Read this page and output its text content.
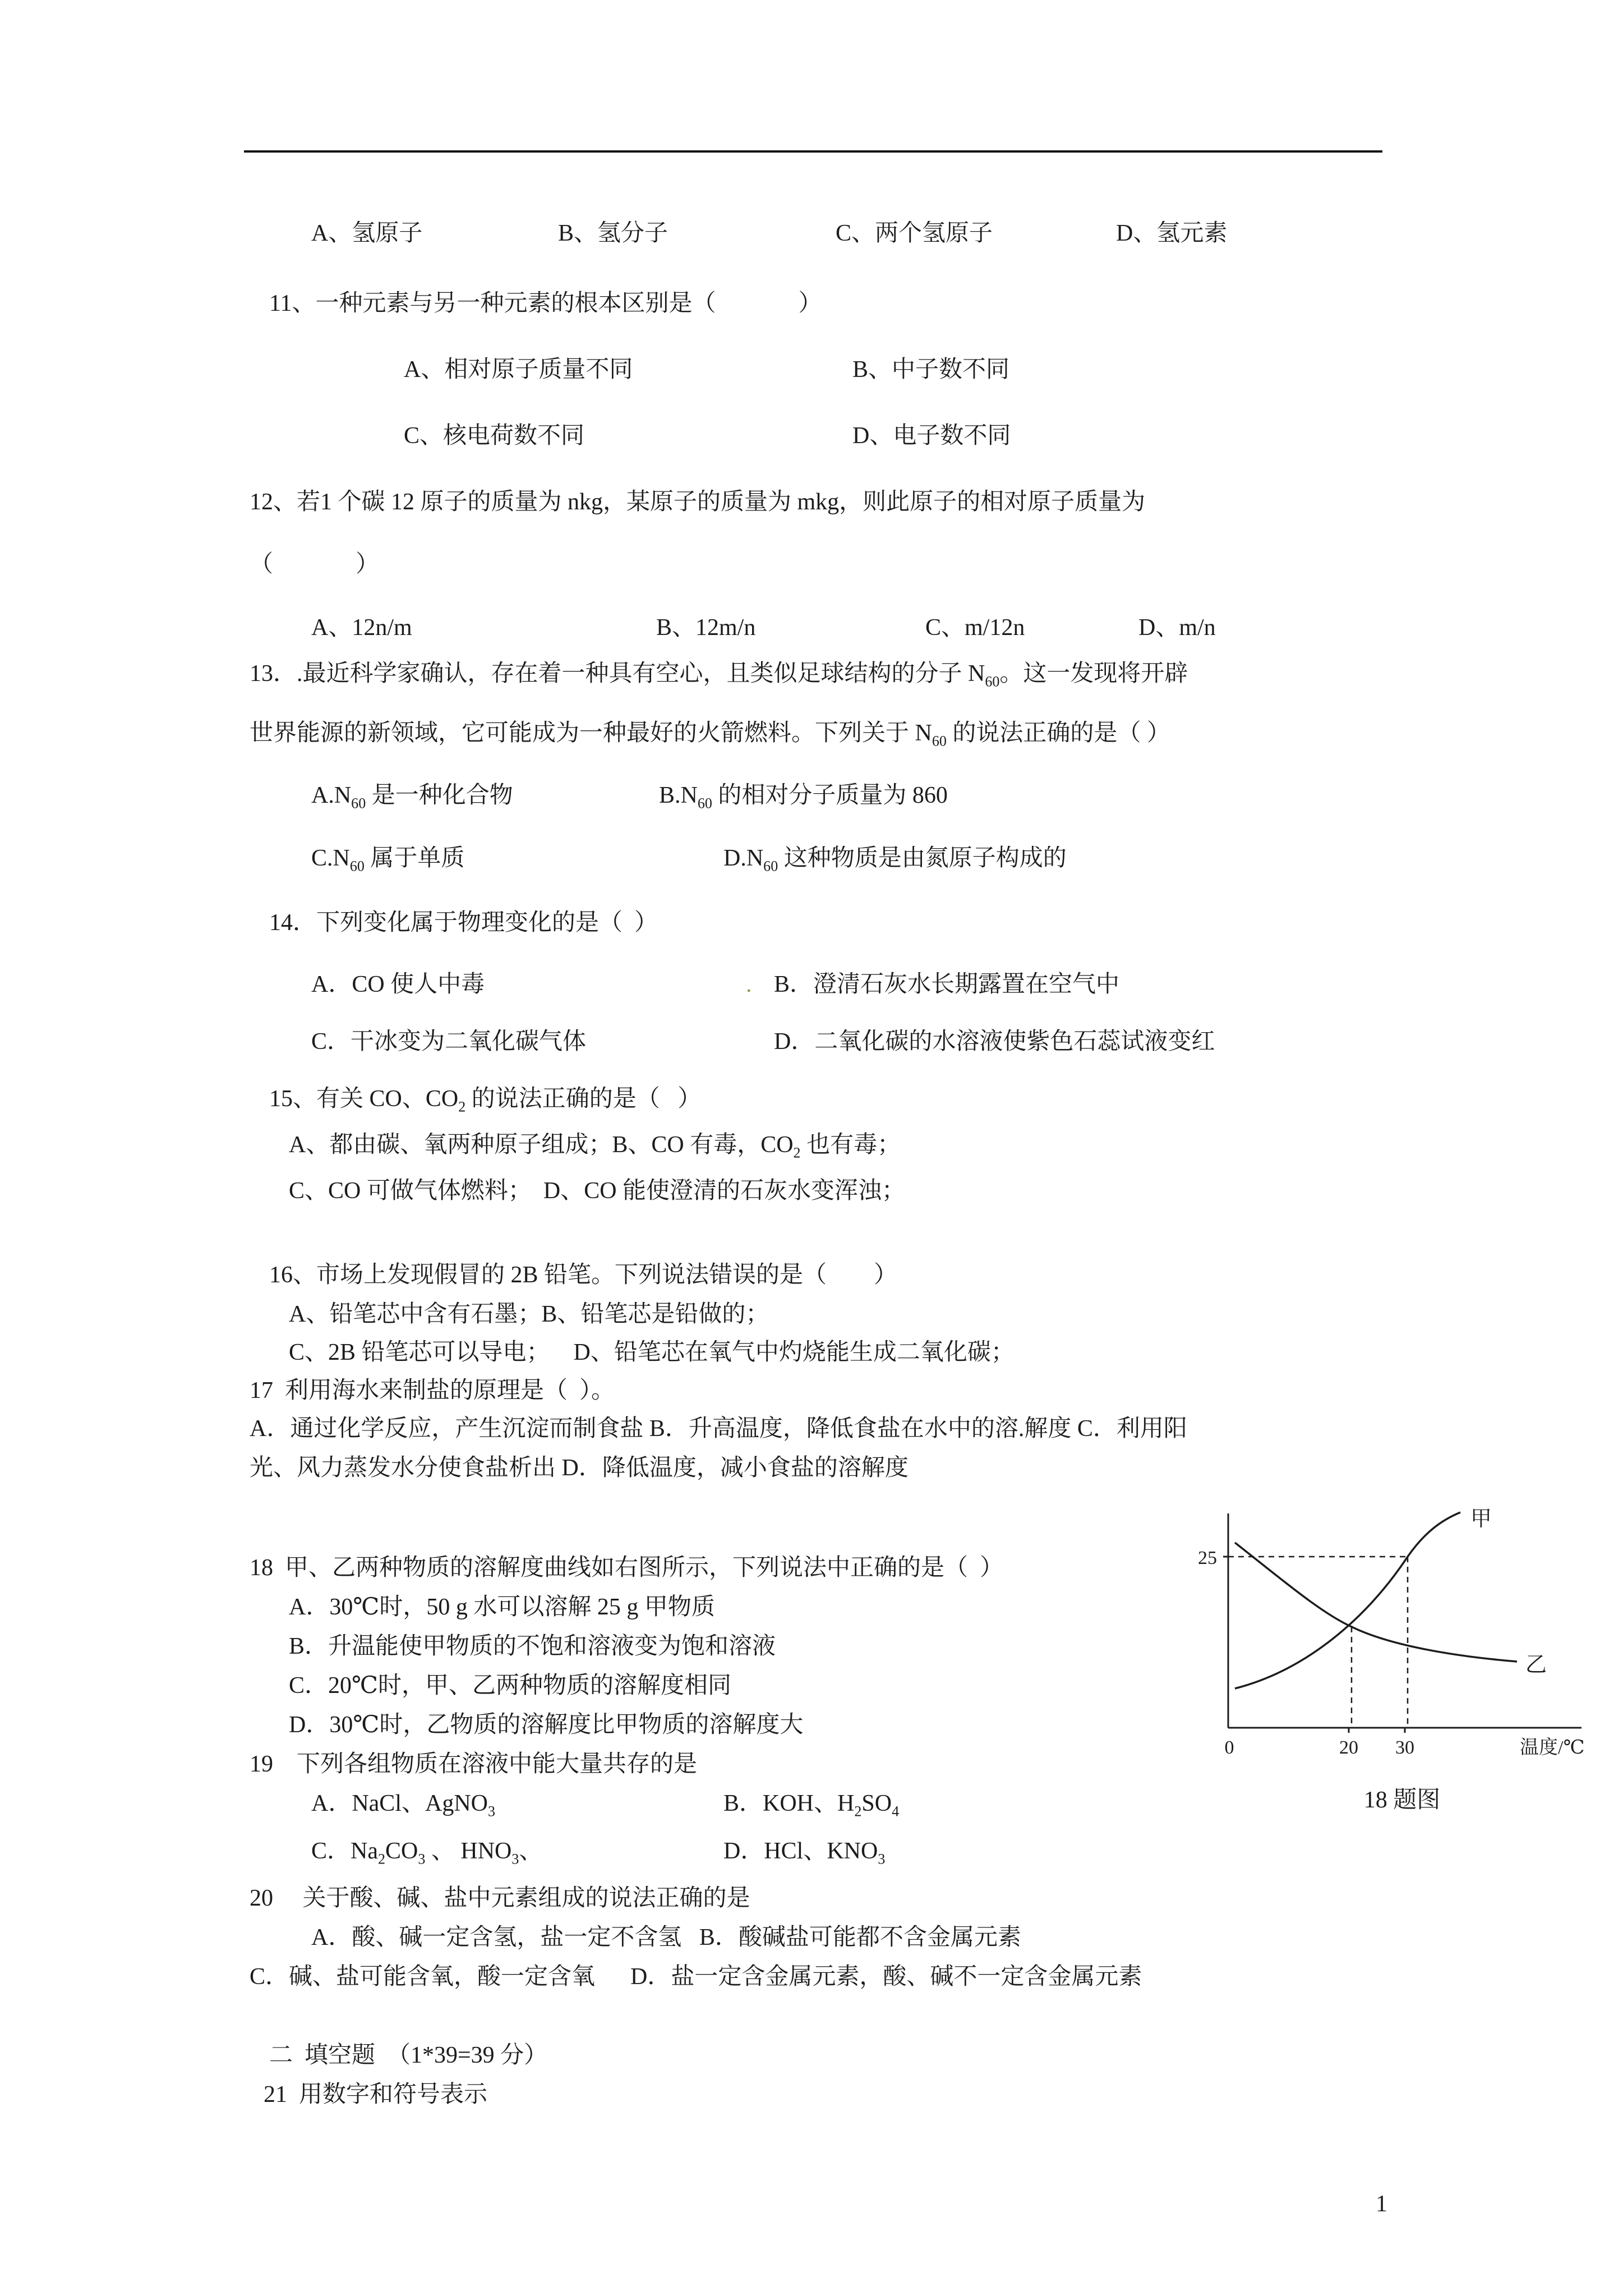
A、氢原子	B、氢分子	C、两个氢原子	D、氢元素
11、一种元素与另一种元素的根本区别是（              ）
A、相对原子质量不同	B、中子数不同
C、核电荷数不同	D、电子数不同
12、若1 个碳 12 原子的质量为 nkg，某原子的质量为 mkg，则此原子的相对原子质量为
（              ）
A、12n/m	B、12m/n	C、m/12n	D、m/n
13．.最近科学家确认，存在着一种具有空心，且类似足球结构的分子 $N_{60}$。这一发现将开辟
世界能源的新领域，它可能成为一种最好的火箭燃料。下列关于 $N_{60}$ 的说法正确的是（ ）
$A.N_{60}$ 是一种化合物	$B.N_{60}$ 的相对分子质量为 860
$C.N_{60}$ 属于单质	$D.N_{60}$ 这种物质是由氮原子构成的
14．下列变化属于物理变化的是（  ）
A．CO 使人中毒	. B．澄清石灰水长期露置在空气中
C．干冰变为二氧化碳气体	D．二氧化碳的水溶液使紫色石蕊试液变红
15、有关 CO、$CO_2$ 的说法正确的是（   ）
A、都由碳、氧两种原子组成；B、CO 有毒，$CO_2$ 也有毒；
C、CO 可做气体燃料；  D、CO 能使澄清的石灰水变浑浊；
16、市场上发现假冒的 2B 铅笔。下列说法错误的是（        ）
A、铅笔芯中含有石墨；B、铅笔芯是铅做的；
C、2B 铅笔芯可以导电；    D、铅笔芯在氧气中灼烧能生成二氧化碳；
17  利用海水来制盐的原理是（  ）。
A．通过化学反应，产生沉淀而制食盐 B．升高温度，降低食盐在水中的溶.解度 C．利用阳
光、风力蒸发水分使食盐析出 D．降低温度，减小食盐的溶解度
18  甲、乙两种物质的溶解度曲线如右图所示，下列说法中正确的是（  ）
A．30℃时，50 g 水可以溶解 25 g 甲物质
B．升温能使甲物质的不饱和溶液变为饱和溶液
C．20℃时，甲、乙两种物质的溶解度相同
D．30℃时，乙物质的溶解度比甲物质的溶解度大
19    下列各组物质在溶液中能大量共存的是
A．NaCl、AgNO$_3$	B．KOH、$H_2SO_4$
C．$Na_2CO_3$ 、 $HNO_3$、	D．HCl、$KNO_3$
20     关于酸、碱、盐中元素组成的说法正确的是
A．酸、碱一定含氢，盐一定不含氢   B．酸碱盐可能都不含金属元素
C．碱、盐可能含氧，酸一定含氧      D．盐一定含金属元素，酸、碱不一定含金属元素
二  填空题  （1*39=39 分）
21  用数字和符号表示
甲
乙
25
0	20 30	温度/℃
18 题图
1
